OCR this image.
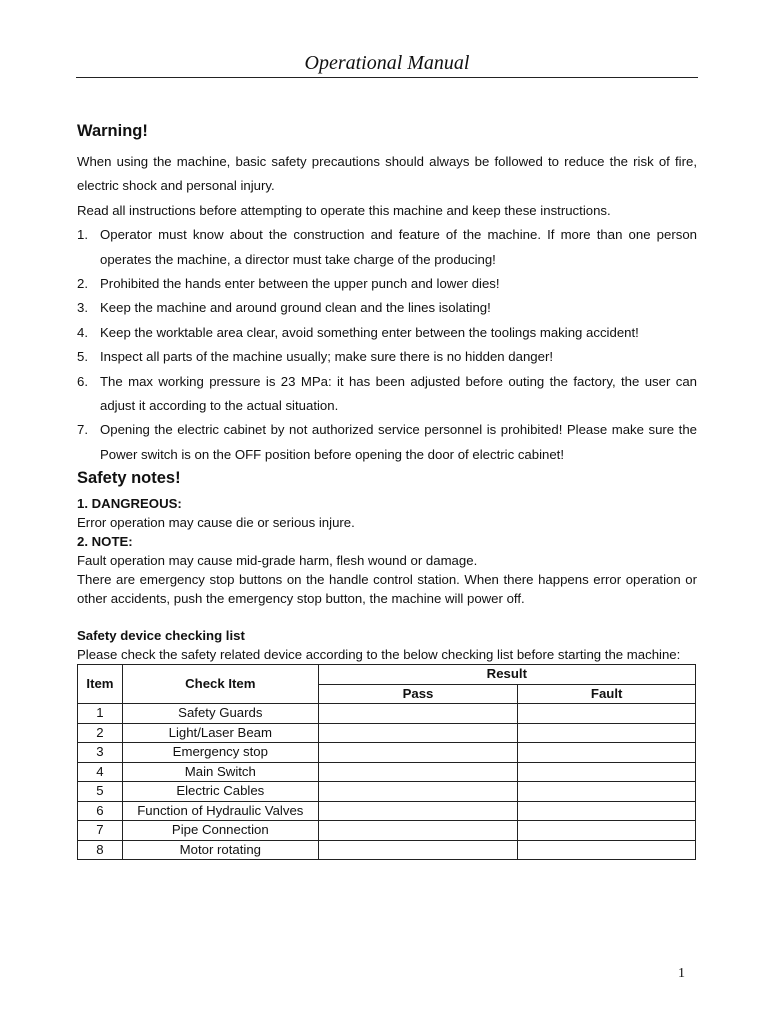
Operational Manual
Warning!

When using the machine, basic safety precautions should always be followed to reduce the risk of fire, electric shock and personal injury.

Read all instructions before attempting to operate this machine and keep these instructions.

1. Operator must know about the construction and feature of the machine. If more than one person operates the machine, a director must take charge of the producing!
2. Prohibited the hands enter between the upper punch and lower dies!
3. Keep the machine and around ground clean and the lines isolating!
4. Keep the worktable area clear, avoid something enter between the toolings making accident!
5. Inspect all parts of the machine usually; make sure there is no hidden danger!
6. The max working pressure is 23 MPa: it has been adjusted before outing the factory, the user can adjust it according to the actual situation.
7. Opening the electric cabinet by not authorized service personnel is prohibited! Please make sure the Power switch is on the OFF position before opening the door of electric cabinet!
Safety notes!

1. DANGREOUS:

Error operation may cause die or serious injure.

2. NOTE:

Fault operation may cause mid-grade harm, flesh wound or damage.

There are emergency stop buttons on the handle control station. When there happens error operation or other accidents, push the emergency stop button, the machine will power off.

Safety device checking list

Please check the safety related device according to the below checking list before starting the machine:

Item	Check Item	Result	
		Pass	Fault
1	Safety Guards		
2	Light/Laser Beam		
3	Emergency stop		
4	Main Switch		
5	Electric Cables		
6	Function of Hydraulic Valves		
7	Pipe Connection		
8	Motor rotating		
1
